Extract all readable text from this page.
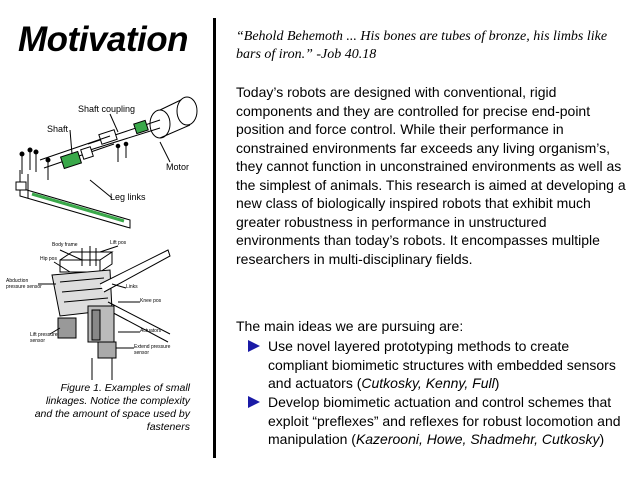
Motivation
Shaft coupling
Shaft
Motor
Leg links
Body frame	Lift pos
Hip pos
Abduction pressure sensor	Links
Knee pos
Actuators
Lift pressure sensor
Extend pressure sensor
Figure 1. Examples of small linkages. Notice the complexity and the amount of space used by fasteners
“Behold Behemoth ... His bones are tubes of bronze, his limbs like bars of iron.” -Job 40.18
Today’s robots are designed with conventional, rigid components and they are controlled for precise end-point position and force control. While their performance in constrained environments far exceeds any living organism’s, they cannot function in unconstrained environments as well as the simplest of animals. This research is aimed at developing a new class of biologically inspired robots that exhibit much greater robustness in performance in unstructured environments than today’s robots. It encompasses multiple researchers in multi-disciplinary fields.
The main ideas we are pursuing are:
Use novel layered prototyping methods to create compliant biomimetic structures with embedded sensors and actuators (Cutkosky, Kenny, Full)
Develop biomimetic actuation and control schemes that exploit “preflexes” and reflexes for robust locomotion and manipulation (Kazerooni, Howe, Shadmehr, Cutkosky)
